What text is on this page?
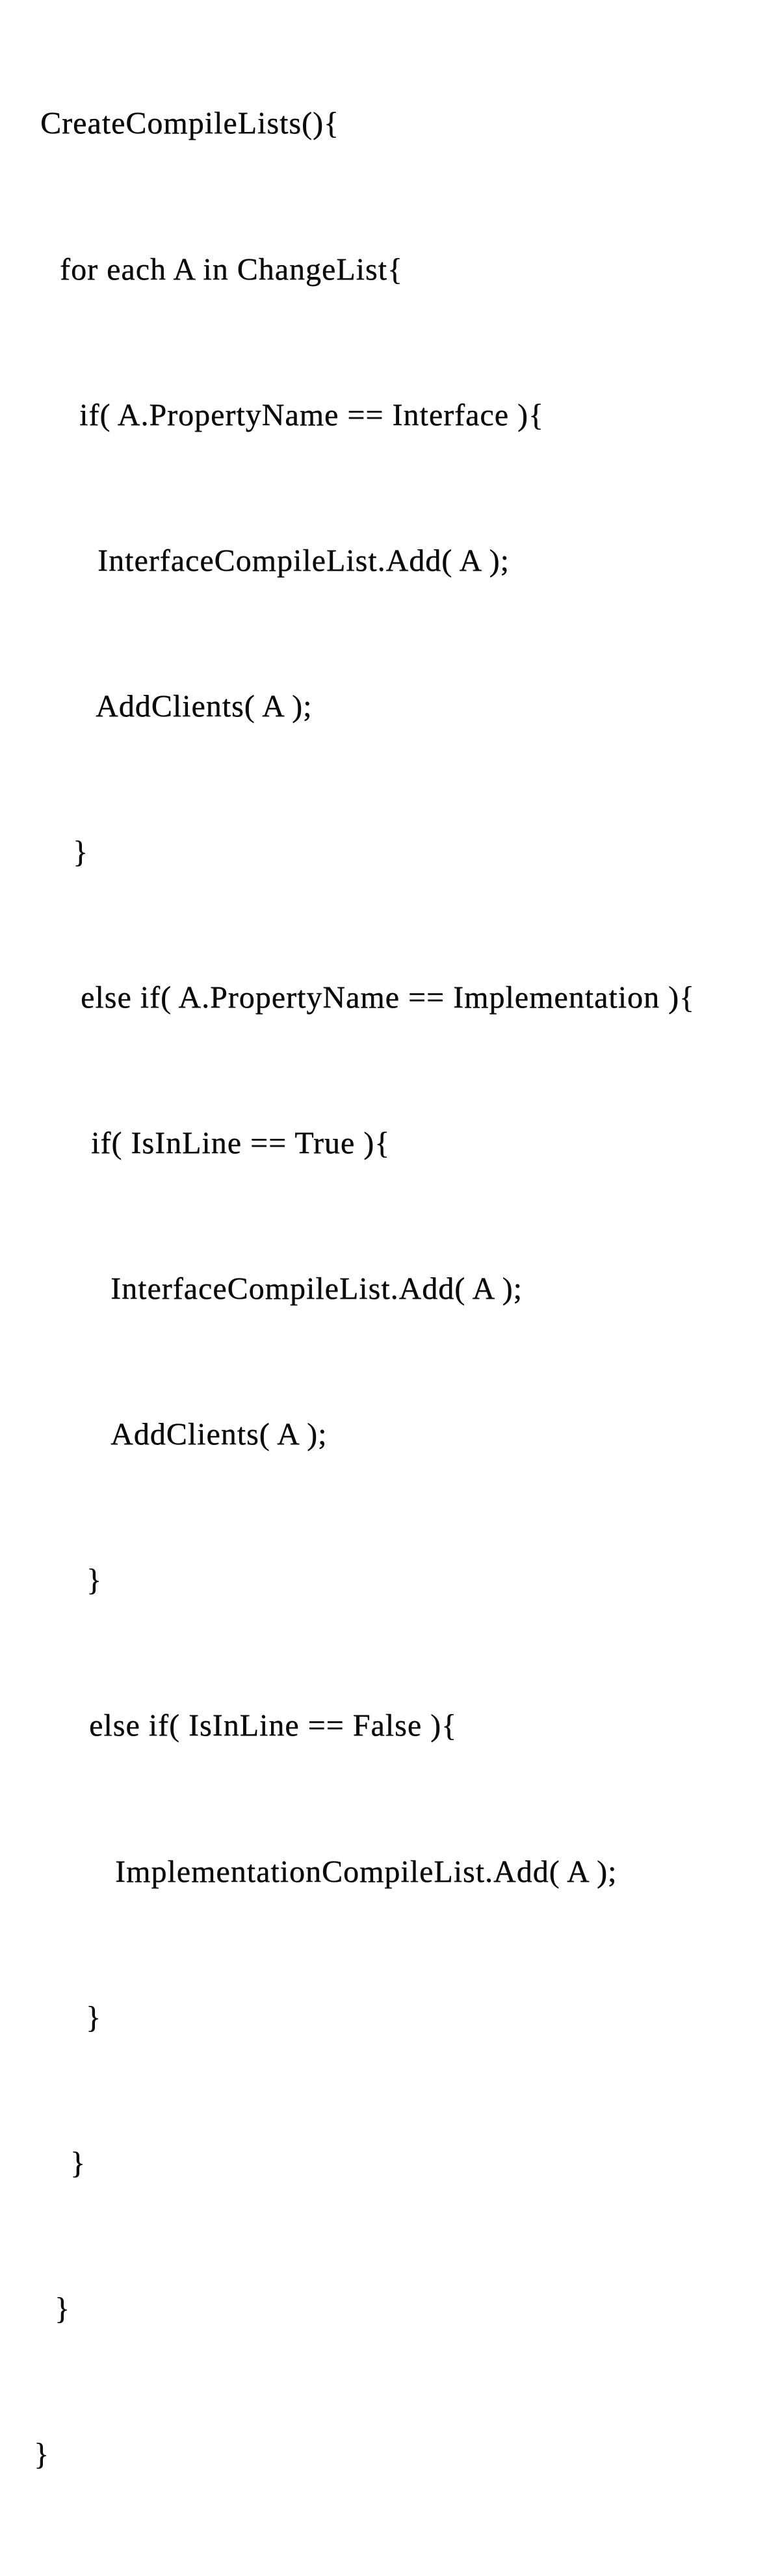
CreateCompileLists(){

for each A in ChangeList{

if( A.PropertyName == Interface ){

InterfaceCompileList.Add( A );

AddClients( A );

}

else if( A.PropertyName == Implementation ){

if( IsInLine == True ){

InterfaceCompileList.Add( A );

AddClients( A );

}

else if( IsInLine == False ){

ImplementationCompileList.Add( A );

}

}

}

}
